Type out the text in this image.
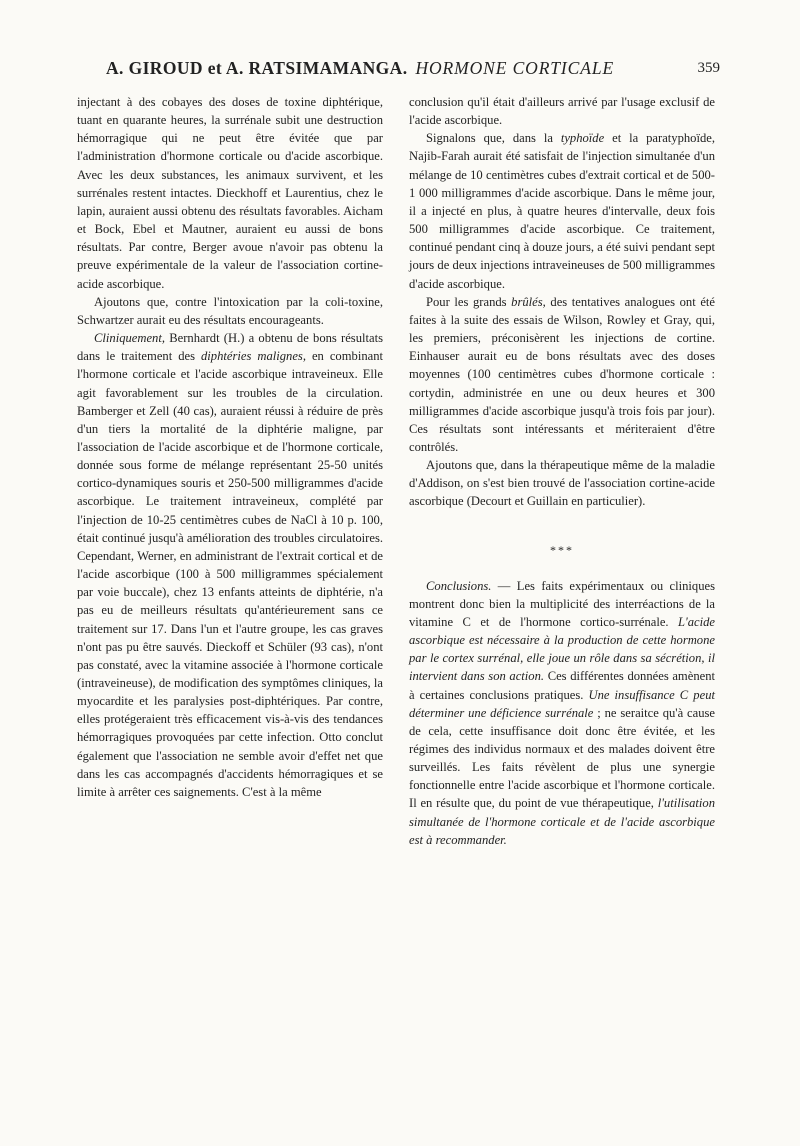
A. GIROUD et A. RATSIMAMANGA. HORMONE CORTICALE	359

injectant à des cobayes des doses de toxine diphtérique, tuant en quarante heures, la surrénale subit une destruction hémorragique qui ne peut être évitée que par l'administration d'hormone corticale ou d'acide ascorbique. Avec les deux substances, les animaux survivent, et les surrénales restent intactes. Dieckhoff et Laurentius, chez le lapin, auraient aussi obtenu des résultats favorables. Aicham et Bock, Ebel et Mautner, auraient eu aussi de bons résultats. Par contre, Berger avoue n'avoir pas obtenu la preuve expérimentale de la valeur de l'association cortine-acide ascorbique.

Ajoutons que, contre l'intoxication par la coli-toxine, Schwartzer aurait eu des résultats encourageants.

Cliniquement, Bernhardt (H.) a obtenu de bons résultats dans le traitement des diphtéries malignes, en combinant l'hormone corticale et l'acide ascorbique intraveineux. Elle agit favorablement sur les troubles de la circulation. Bamberger et Zell (40 cas), auraient réussi à réduire de près d'un tiers la mortalité de la diphtérie maligne, par l'association de l'acide ascorbique et de l'hormone corticale, donnée sous forme de mélange représentant 25-50 unités cortico-dynamiques souris et 250-500 milligrammes d'acide ascorbique. Le traitement intraveineux, complété par l'injection de 10-25 centimètres cubes de NaCl à 10 p. 100, était continué jusqu'à amélioration des troubles circulatoires. Cependant, Werner, en administrant de l'extrait cortical et de l'acide ascorbique (100 à 500 milligrammes spécialement par voie buccale), chez 13 enfants atteints de diphtérie, n'a pas eu de meilleurs résultats qu'antérieurement sans ce traitement sur 17. Dans l'un et l'autre groupe, les cas graves n'ont pas pu être sauvés. Dieckoff et Schüler (93 cas), n'ont pas constaté, avec la vitamine associée à l'hormone corticale (intraveineuse), de modification des symptômes cliniques, la myocardite et les paralysies post-diphtériques. Par contre, elles protégeraient très efficacement vis-à-vis des tendances hémorragiques provoquées par cette infection. Otto conclut également que l'association ne semble avoir d'effet net que dans les cas accompagnés d'accidents hémorragiques et se limite à arrêter ces saignements. C'est à la même

conclusion qu'il était d'ailleurs arrivé par l'usage exclusif de l'acide ascorbique.

Signalons que, dans la typhoïde et la paratyphoïde, Najib-Farah aurait été satisfait de l'injection simultanée d'un mélange de 10 centimètres cubes d'extrait cortical et de 500-1 000 milligrammes d'acide ascorbique. Dans le même jour, il a injecté en plus, à quatre heures d'intervalle, deux fois 500 milligrammes d'acide ascorbique. Ce traitement, continué pendant cinq à douze jours, a été suivi pendant sept jours de deux injections intraveineuses de 500 milligrammes d'acide ascorbique.

Pour les grands brûlés, des tentatives analogues ont été faites à la suite des essais de Wilson, Rowley et Gray, qui, les premiers, préconisèrent les injections de cortine. Einhauser aurait eu de bons résultats avec des doses moyennes (100 centimètres cubes d'hormone corticale : cortydin, administrée en une ou deux heures et 300 milligrammes d'acide ascorbique jusqu'à trois fois par jour). Ces résultats sont intéressants et mériteraient d'être contrôlés.

Ajoutons que, dans la thérapeutique même de la maladie d'Addison, on s'est bien trouvé de l'association cortine-acide ascorbique (Decourt et Guillain en particulier).

***

Conclusions. — Les faits expérimentaux ou cliniques montrent donc bien la multiplicité des interréactions de la vitamine C et de l'hormone cortico-surrénale. L'acide ascorbique est nécessaire à la production de cette hormone par le cortex surrénal, elle joue un rôle dans sa sécrétion, il intervient dans son action. Ces différentes données amènent à certaines conclusions pratiques. Une insuffisance C peut déterminer une déficience surrénale ; ne seraitce qu'à cause de cela, cette insuffisance doit donc être évitée, et les régimes des individus normaux et des malades doivent être surveillés. Les faits révèlent de plus une synergie fonctionnelle entre l'acide ascorbique et l'hormone corticale. Il en résulte que, du point de vue thérapeutique, l'utilisation simultanée de l'hormone corticale et de l'acide ascorbique est à recommander.
